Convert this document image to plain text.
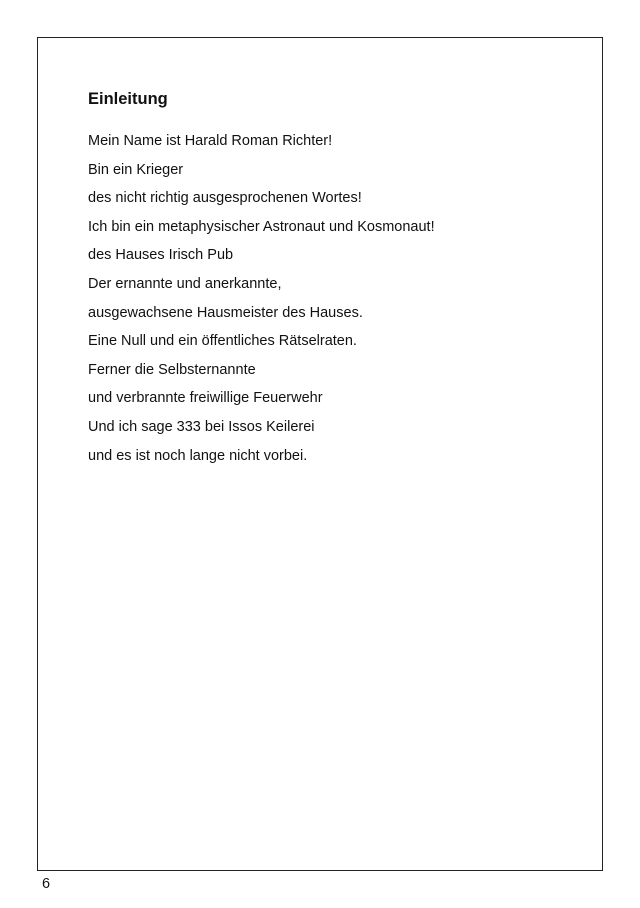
Einleitung
Mein Name ist Harald Roman Richter!
Bin ein Krieger
des nicht richtig ausgesprochenen Wortes!
Ich bin ein metaphysischer Astronaut und Kosmonaut!
des Hauses Irisch Pub
Der ernannte und anerkannte,
ausgewachsene Hausmeister des Hauses.
Eine Null und ein öffentliches Rätselraten.
Ferner die Selbsternannte
und verbrannte freiwillige Feuerwehr
Und ich sage 333 bei Issos Keilerei
und es ist noch lange nicht vorbei.
6
